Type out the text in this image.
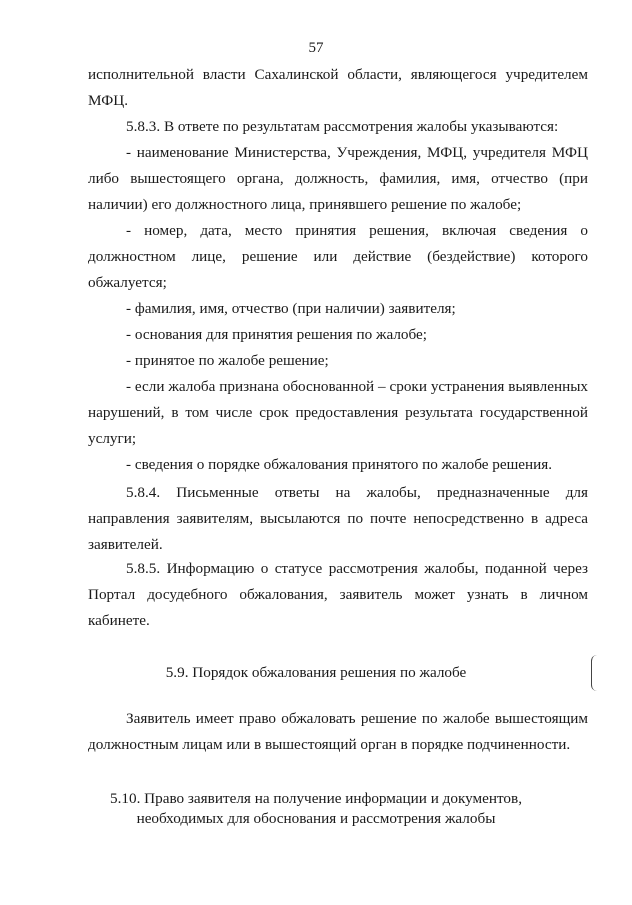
57

исполнительной власти Сахалинской области, являющегося учредителем

МФЦ.

5.8.3. В ответе по результатам рассмотрения жалобы указываются:

- наименование Министерства, Учреждения, МФЦ, учредителя МФЦ

либо вышестоящего органа, должность, фамилия, имя, отчество (при

наличии) его должностного лица, принявшего решение по жалобе;

- номер, дата, место принятия решения, включая сведения о

должностном лице, решение или действие (бездействие) которого

обжалуется;

- фамилия, имя, отчество (при наличии) заявителя;

- основания для принятия решения по жалобе;

- принятое по жалобе решение;

- если жалоба признана обоснованной – сроки устранения выявленных

нарушений, в том числе срок предоставления результата государственной

услуги;

- сведения о порядке обжалования принятого по жалобе решения.

5.8.4. Письменные ответы на жалобы, предназначенные для

направления заявителям, высылаются по почте непосредственно в адреса

заявителей.

5.8.5. Информацию о статусе рассмотрения жалобы, поданной через

Портал досудебного обжалования, заявитель может узнать в личном

кабинете.

5.9. Порядок обжалования решения по жалобе

Заявитель имеет право обжаловать решение по жалобе вышестоящим

должностным лицам или в вышестоящий орган в порядке подчиненности.

5.10. Право заявителя на получение информации и документов,

необходимых для обоснования и рассмотрения жалобы
